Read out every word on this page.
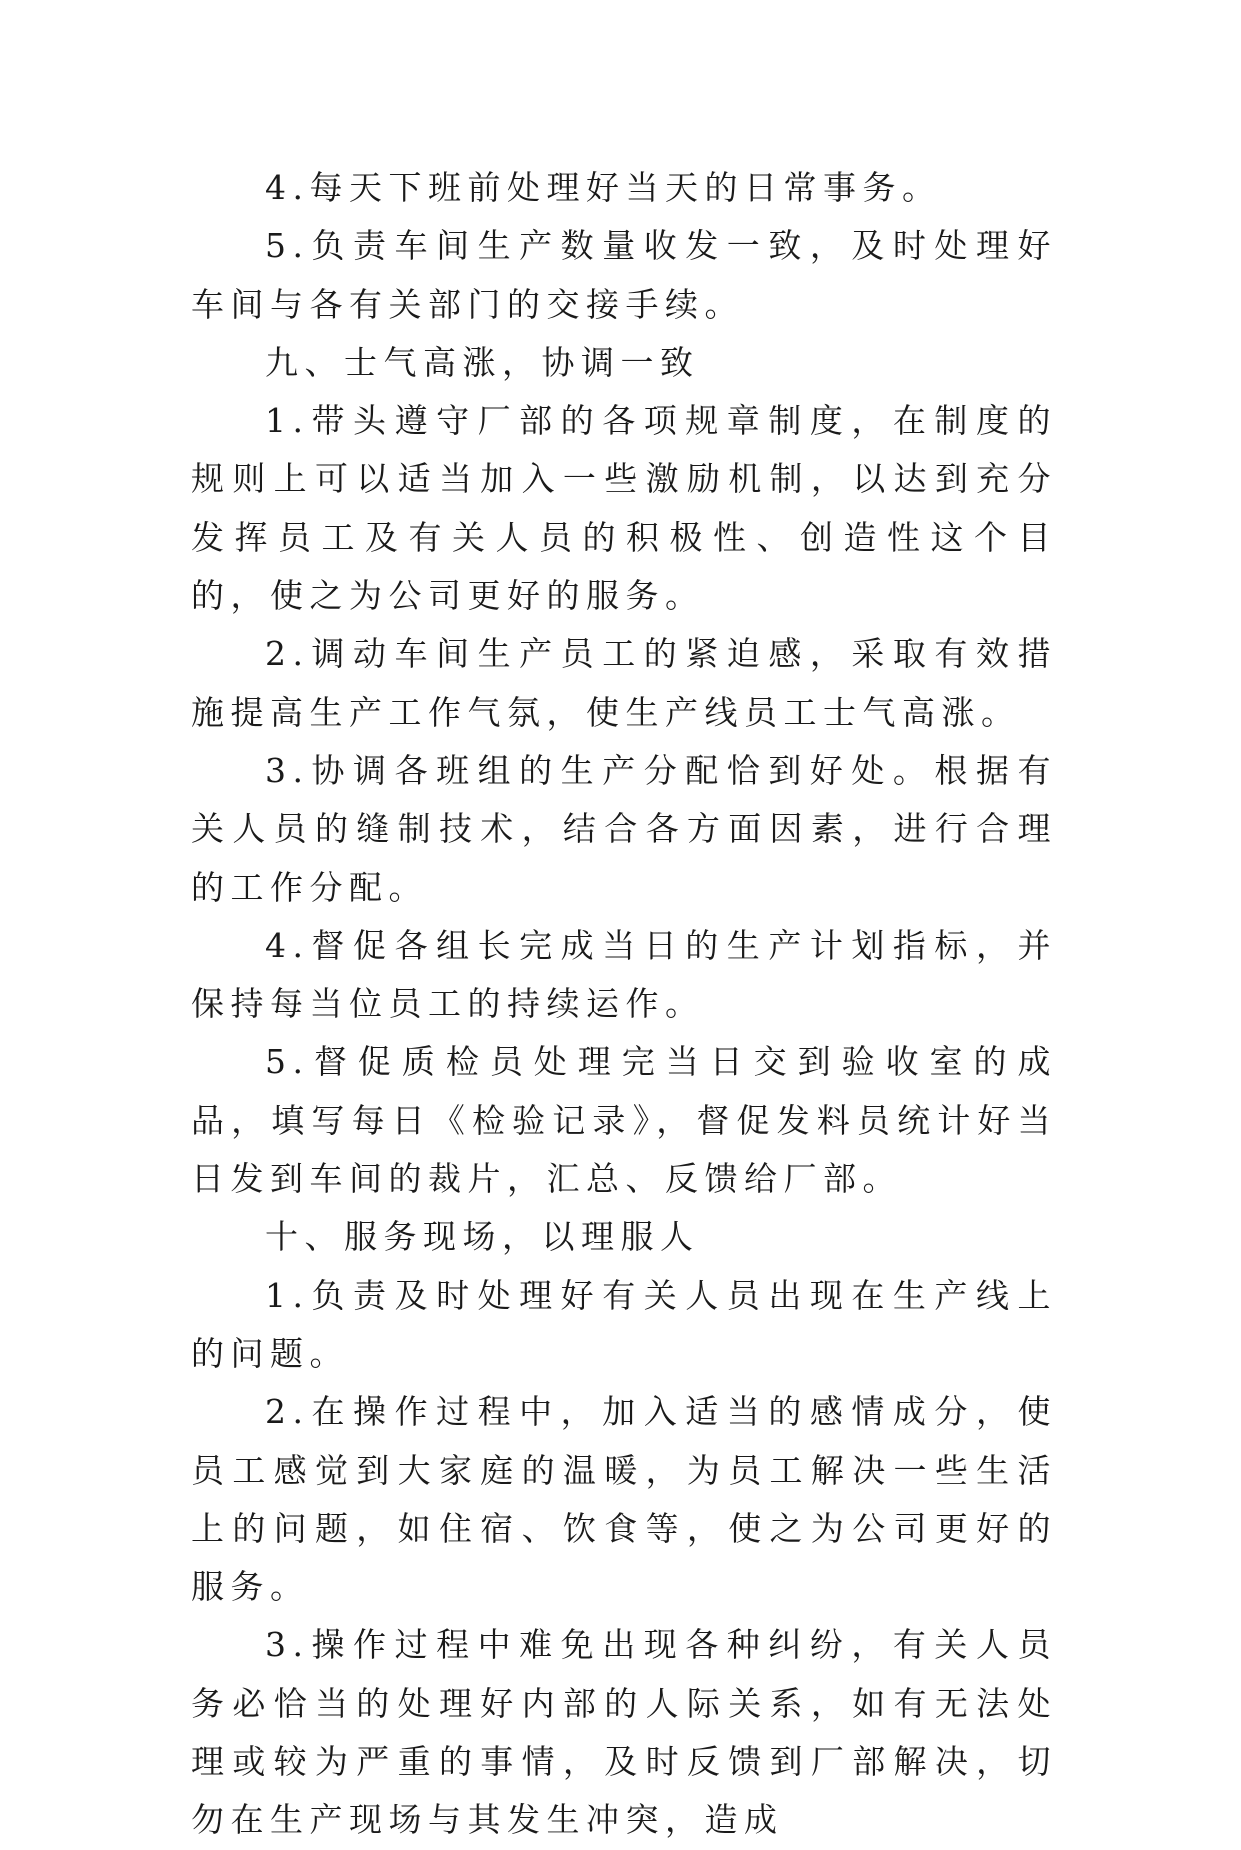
4.每天下班前处理好当天的日常事务。

5.负责车间生产数量收发一致，及时处理好车间与各有关部门的交接手续。

九、士气高涨，协调一致

1.带头遵守厂部的各项规章制度，在制度的规则上可以适当加入一些激励机制，以达到充分发挥员工及有关人员的积极性、创造性这个目的，使之为公司更好的服务。

2.调动车间生产员工的紧迫感，采取有效措施提高生产工作气氛，使生产线员工士气高涨。

3.协调各班组的生产分配恰到好处。根据有关人员的缝制技术，结合各方面因素，进行合理的工作分配。

4.督促各组长完成当日的生产计划指标，并保持每当位员工的持续运作。

5.督促质检员处理完当日交到验收室的成品，填写每日《检验记录》，督促发料员统计好当日发到车间的裁片，汇总、反馈给厂部。

十、服务现场，以理服人

1.负责及时处理好有关人员出现在生产线上的问题。

2.在操作过程中，加入适当的感情成分，使员工感觉到大家庭的温暖，为员工解决一些生活上的问题，如住宿、饮食等，使之为公司更好的服务。

3.操作过程中难免出现各种纠纷，有关人员务必恰当的处理好内部的人际关系，如有无法处理或较为严重的事情，及时反馈到厂部解决，切勿在生产现场与其发生冲突，造成
